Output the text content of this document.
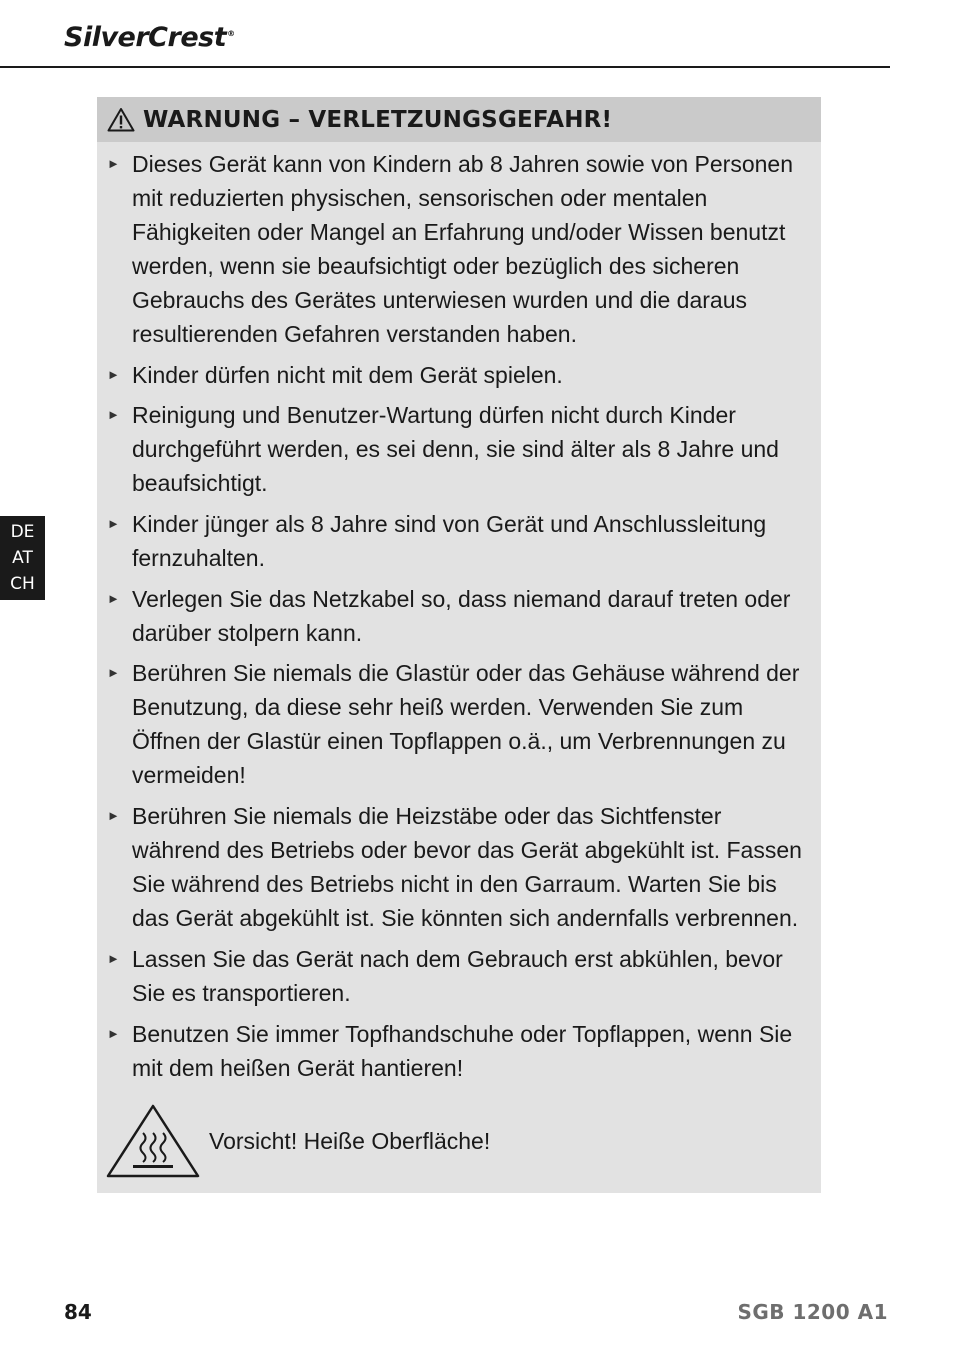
SilverCrest®
DE
AT
CH
WARNUNG – VERLETZUNGSGEFAHR!
► Dieses Gerät kann von Kindern ab 8 Jahren sowie von Personen mit reduzierten physischen, sensorischen oder mentalen Fähigkeiten oder Mangel an Erfahrung und/oder Wissen benutzt werden, wenn sie beaufsichtigt oder bezüglich des sicheren Gebrauchs des Gerätes unterwiesen wurden und die daraus resultierenden Gefahren verstanden haben.
► Kinder dürfen nicht mit dem Gerät spielen.
► Reinigung und Benutzer-Wartung dürfen nicht durch Kinder durchgeführt werden, es sei denn, sie sind älter als 8 Jahre und beaufsichtigt.
► Kinder jünger als 8 Jahre sind von Gerät und Anschlussleitung fernzuhalten.
► Verlegen Sie das Netzkabel so, dass niemand darauf treten oder darüber stolpern kann.
► Berühren Sie niemals die Glastür oder das Gehäuse während der Benutzung, da diese sehr heiß werden. Verwenden Sie zum Öffnen der Glastür einen Topflappen o.ä., um Verbrennungen zu vermeiden!
► Berühren Sie niemals die Heizstäbe oder das Sichtfenster während des Betriebs oder bevor das Gerät abgekühlt ist. Fassen Sie während des Betriebs nicht in den Garraum. Warten Sie bis das Gerät abgekühlt ist. Sie könnten sich andernfalls verbrennen.
► Lassen Sie das Gerät nach dem Gebrauch erst abkühlen, bevor Sie es transportieren.
► Benutzen Sie immer Topfhandschuhe oder Topflappen, wenn Sie mit dem heißen Gerät hantieren!
Vorsicht! Heiße Oberfläche!
84	SGB 1200 A1
